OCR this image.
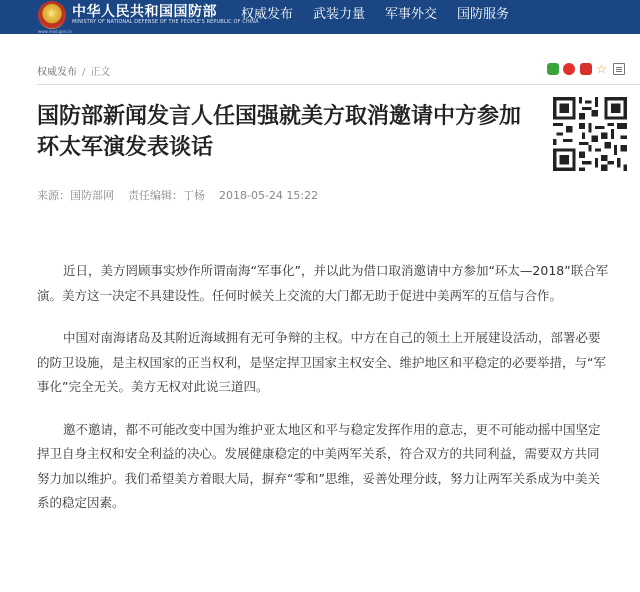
★ 中华人民共和国国防部
MINISTRY OF NATIONAL DEFENSE OF THE PEOPLE'S REPUBLIC OF CHINA
www.mod.gov.cn
权威发布 武装力量 军事外交 国防服务
权威发布 / 正文	☆
国防部新闻发言人任国强就美方取消邀请中方参加环太军演发表谈话
来源：国防部网 责任编辑：丁杨 2018-05-24 15:22

近日，美方罔顾事实炒作所谓南海“军事化”，并以此为借口取消邀请中方参加“环太—2018”联合军演。美方这一决定不具建设性。任何时候关上交流的大门都无助于促进中美两军的互信与合作。

中国对南海诸岛及其附近海域拥有无可争辩的主权。中方在自己的领土上开展建设活动，部署必要的防卫设施，是主权国家的正当权利，是坚定捍卫国家主权安全、维护地区和平稳定的必要举措，与“军事化”完全无关。美方无权对此说三道四。

邀不邀请，都不可能改变中国为维护亚太地区和平与稳定发挥作用的意志，更不可能动摇中国坚定捍卫自身主权和安全利益的决心。发展健康稳定的中美两军关系，符合双方的共同利益，需要双方共同努力加以维护。我们希望美方着眼大局，摒弃“零和”思维，妥善处理分歧，努力让两军关系成为中美关系的稳定因素。
